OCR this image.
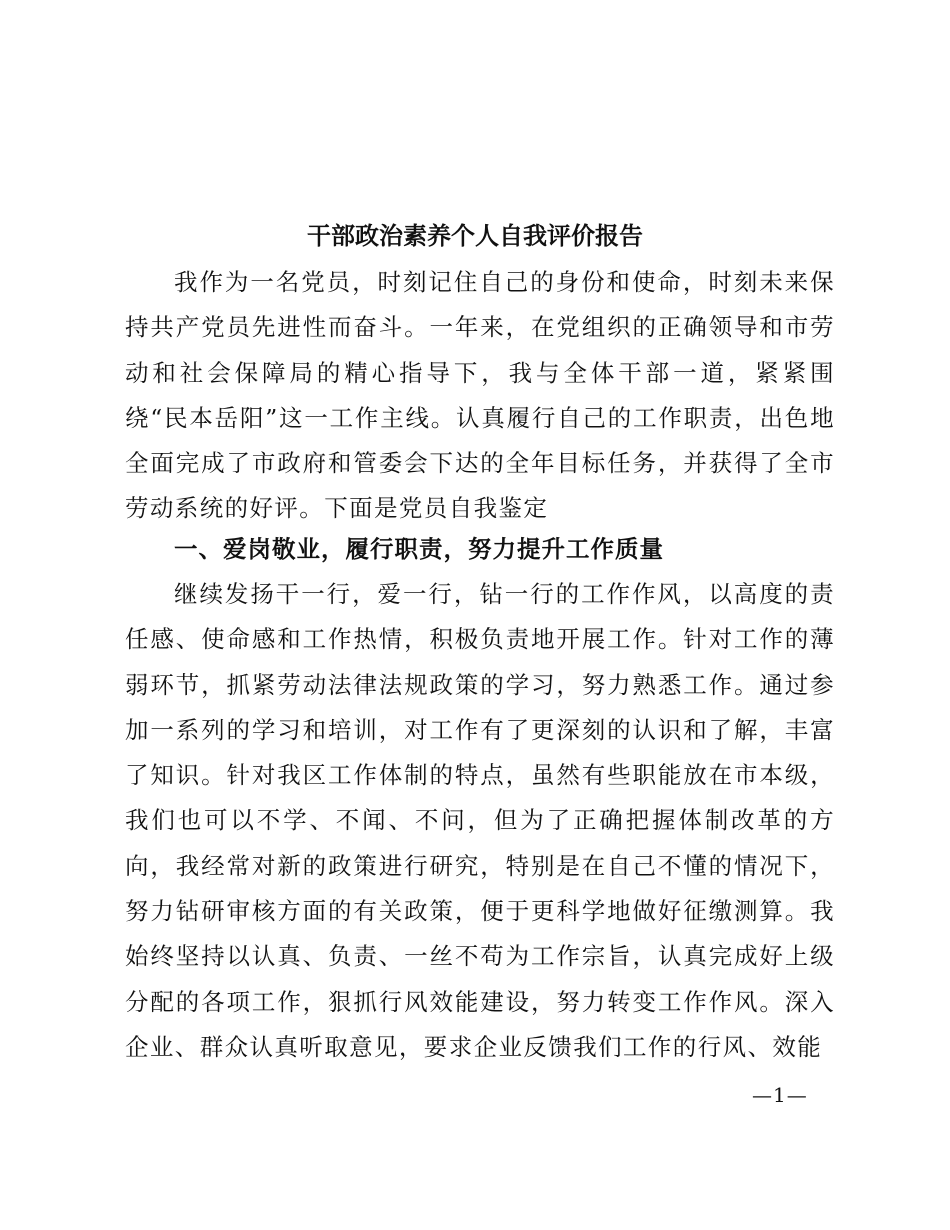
干部政治素养个人自我评价报告

我作为一名党员，时刻记住自己的身份和使命，时刻未来保持共产党员先进性而奋斗。一年来，在党组织的正确领导和市劳动和社会保障局的精心指导下，我与全体干部一道，紧紧围绕“民本岳阳”这一工作主线。认真履行自己的工作职责，出色地全面完成了市政府和管委会下达的全年目标任务，并获得了全市劳动系统的好评。下面是党员自我鉴定

一、爱岗敬业，履行职责，努力提升工作质量

继续发扬干一行，爱一行，钻一行的工作作风，以高度的责任感、使命感和工作热情，积极负责地开展工作。针对工作的薄弱环节，抓紧劳动法律法规政策的学习，努力熟悉工作。通过参加一系列的学习和培训，对工作有了更深刻的认识和了解，丰富了知识。针对我区工作体制的特点，虽然有些职能放在市本级，我们也可以不学、不闻、不问，但为了正确把握体制改革的方向，我经常对新的政策进行研究，特别是在自己不懂的情况下，努力钻研审核方面的有关政策，便于更科学地做好征缴测算。我始终坚持以认真、负责、一丝不苟为工作宗旨，认真完成好上级分配的各项工作，狠抓行风效能建设，努力转变工作作风。深入企业、群众认真听取意见，要求企业反馈我们工作的行风、效能

—1—
